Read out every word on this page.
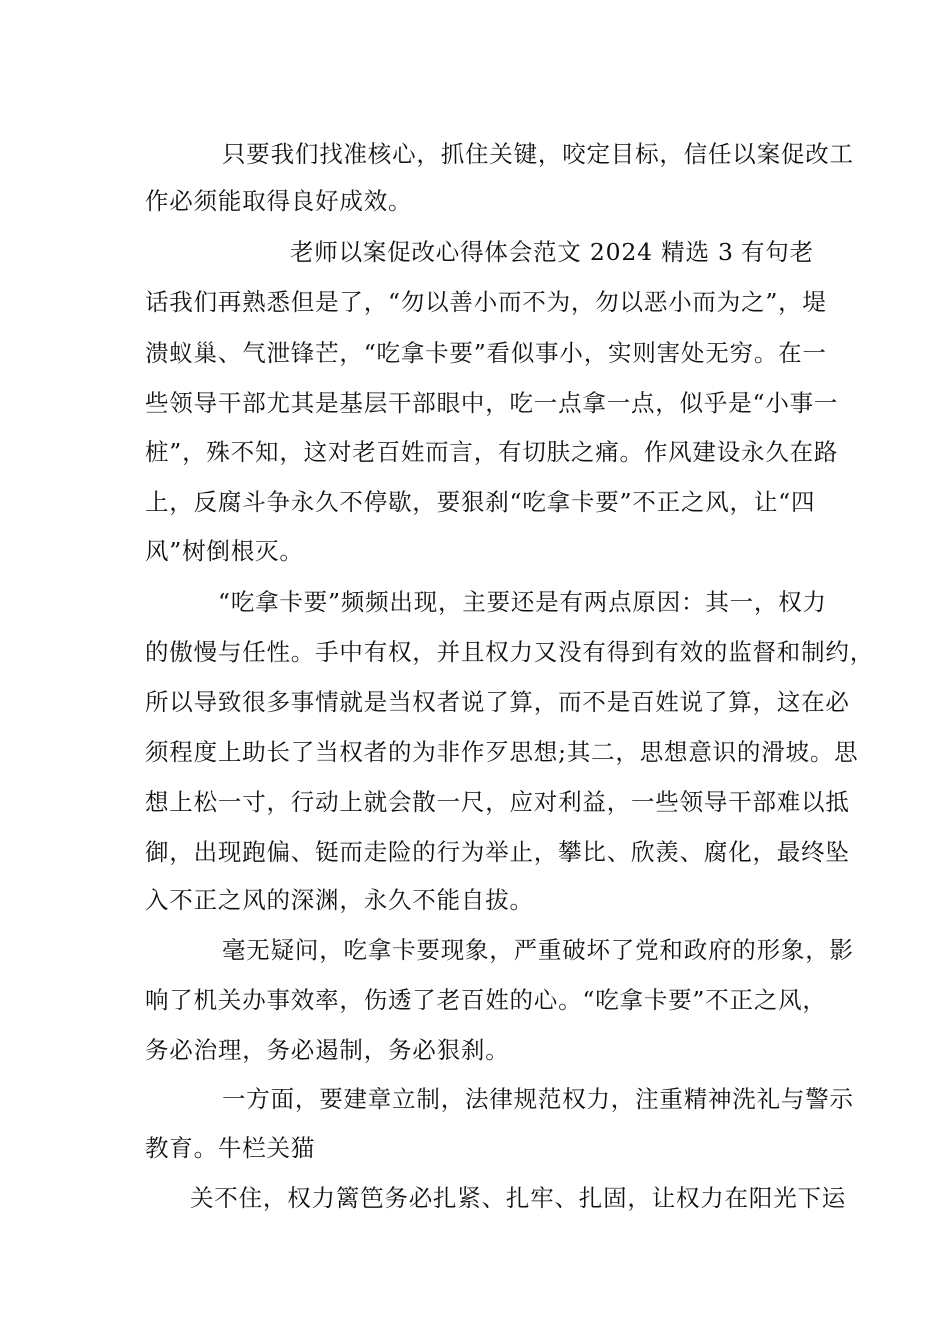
只要我们找准核心，抓住关键，咬定目标，信任以案促改工
作必须能取得良好成效。
老师以案促改心得体会范文 2024 精选 3 有句老
话我们再熟悉但是了，“勿以善小而不为，勿以恶小而为之”，堤
溃蚁巢、气泄锋芒，“吃拿卡要”看似事小，实则害处无穷。在一
些领导干部尤其是基层干部眼中，吃一点拿一点，似乎是“小事一
桩”，殊不知，这对老百姓而言，有切肤之痛。作风建设永久在路
上，反腐斗争永久不停歇，要狠刹“吃拿卡要”不正之风，让“四
风”树倒根灭。
“吃拿卡要”频频出现，主要还是有两点原因：其一，权力
的傲慢与任性。手中有权，并且权力又没有得到有效的监督和制约，
所以导致很多事情就是当权者说了算，而不是百姓说了算，这在必
须程度上助长了当权者的为非作歹思想;其二，思想意识的滑坡。思
想上松一寸，行动上就会散一尺，应对利益，一些领导干部难以抵
御，出现跑偏、铤而走险的行为举止，攀比、欣羡、腐化，最终坠
入不正之风的深渊，永久不能自拔。
毫无疑问，吃拿卡要现象，严重破坏了党和政府的形象，影
响了机关办事效率，伤透了老百姓的心。“吃拿卡要”不正之风，
务必治理，务必遏制，务必狠刹。
一方面，要建章立制，法律规范权力，注重精神洗礼与警示
教育。牛栏关猫
关不住，权力篱笆务必扎紧、扎牢、扎固，让权力在阳光下运
